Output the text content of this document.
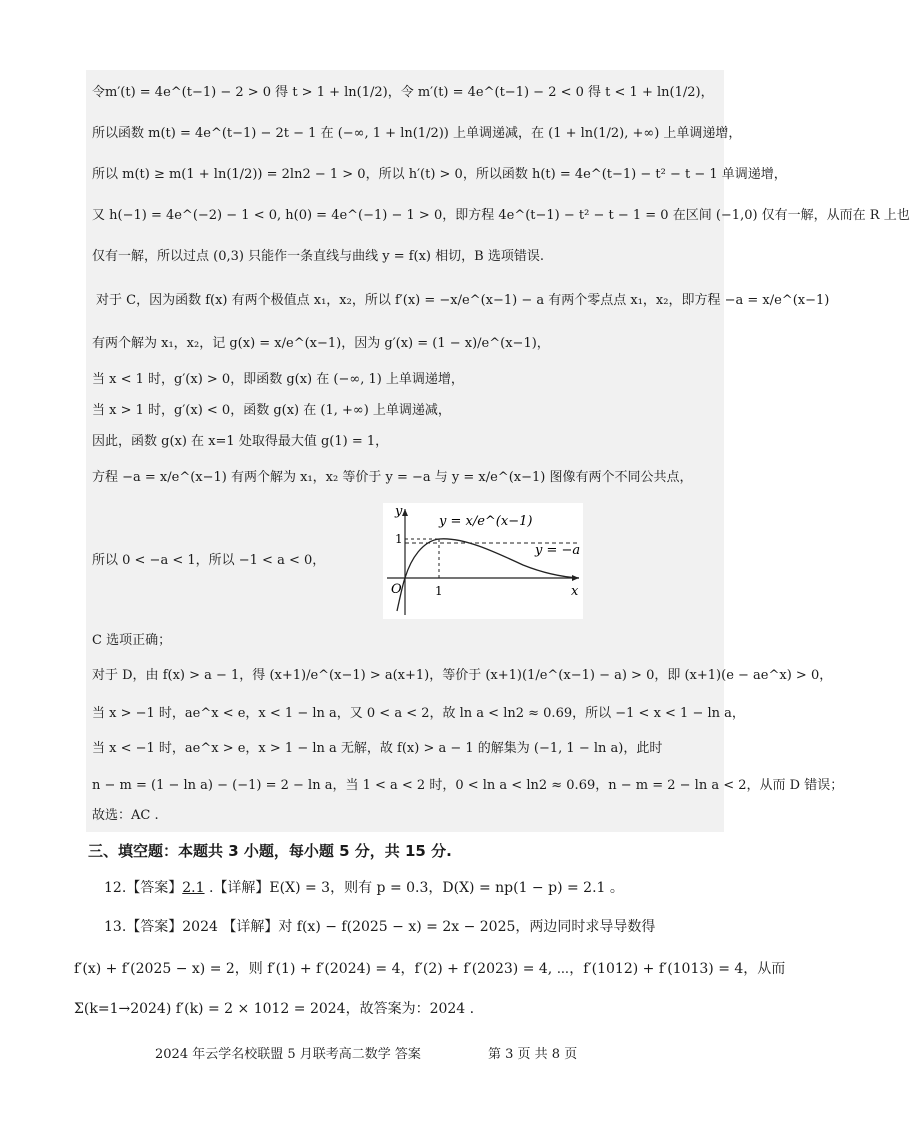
令m′(t) = 4e^(t−1) − 2 > 0 得 t > 1 + ln(1/2)，令 m′(t) = 4e^(t−1) − 2 < 0 得 t < 1 + ln(1/2)，
所以函数 m(t) = 4e^(t−1) − 2t − 1 在 (−∞, 1 + ln(1/2)) 上单调递减，在 (1 + ln(1/2), +∞) 上单调递增，
所以 m(t) ≥ m(1 + ln(1/2)) = 2ln2 − 1 > 0，所以 h′(t) > 0，所以函数 h(t) = 4e^(t−1) − t² − t − 1 单调递增，
又 h(−1) = 4e^(−2) − 1 < 0, h(0) = 4e^(−1) − 1 > 0，即方程 4e^(t−1) − t² − t − 1 = 0 在区间 (−1,0) 仅有一解，从而在 R 上也
仅有一解，所以过点 (0,3) 只能作一条直线与曲线 y = f(x) 相切，B 选项错误.
对于 C，因为函数 f(x) 有两个极值点 x₁，x₂，所以 f′(x) = −x/e^(x−1) − a 有两个零点点 x₁，x₂，即方程 −a = x/e^(x−1)
有两个解为 x₁，x₂，记 g(x) = x/e^(x−1)，因为 g′(x) = (1 − x)/e^(x−1)，
当 x < 1 时，g′(x) > 0，即函数 g(x) 在 (−∞, 1) 上单调递增，
当 x > 1 时，g′(x) < 0，函数 g(x) 在 (1, +∞) 上单调递减，
因此，函数 g(x) 在 x=1 处取得最大值 g(1) = 1，
方程 −a = x/e^(x−1) 有两个解为 x₁，x₂ 等价于 y = −a 与 y = x/e^(x−1) 图像有两个不同公共点，
y = x/e^(x−1)
y = −a
y
x
O	1
1
所以 0 < −a < 1，所以 −1 < a < 0，
C 选项正确；
对于 D，由 f(x) > a − 1，得 (x+1)/e^(x−1) > a(x+1)，等价于 (x+1)(1/e^(x−1) − a) > 0，即 (x+1)(e − ae^x) > 0，
当 x > −1 时，ae^x < e，x < 1 − ln a，又 0 < a < 2，故 ln a < ln2 ≈ 0.69，所以 −1 < x < 1 − ln a，
当 x < −1 时，ae^x > e，x > 1 − ln a 无解，故 f(x) > a − 1 的解集为 (−1, 1 − ln a)，此时
n − m = (1 − ln a) − (−1) = 2 − ln a，当 1 < a < 2 时，0 < ln a < ln2 ≈ 0.69，n − m = 2 − ln a < 2，从而 D 错误；
故选：AC .
三、填空题：本题共 3 小题，每小题 5 分，共 15 分.
12.【答案】2.1 .【详解】E(X) = 3，则有 p = 0.3，D(X) = np(1 − p) = 2.1 。
13.【答案】2024 【详解】对 f(x) − f(2025 − x) = 2x − 2025，两边同时求导导数得
f′(x) + f′(2025 − x) = 2，则 f′(1) + f′(2024) = 4，f′(2) + f′(2023) = 4, ⋯，f′(1012) + f′(1013) = 4，从而
Σ(k=1→2024) f′(k) = 2 × 1012 = 2024，故答案为：2024 .
2024 年云学名校联盟 5 月联考高二数学 答案	第 3 页 共 8 页
